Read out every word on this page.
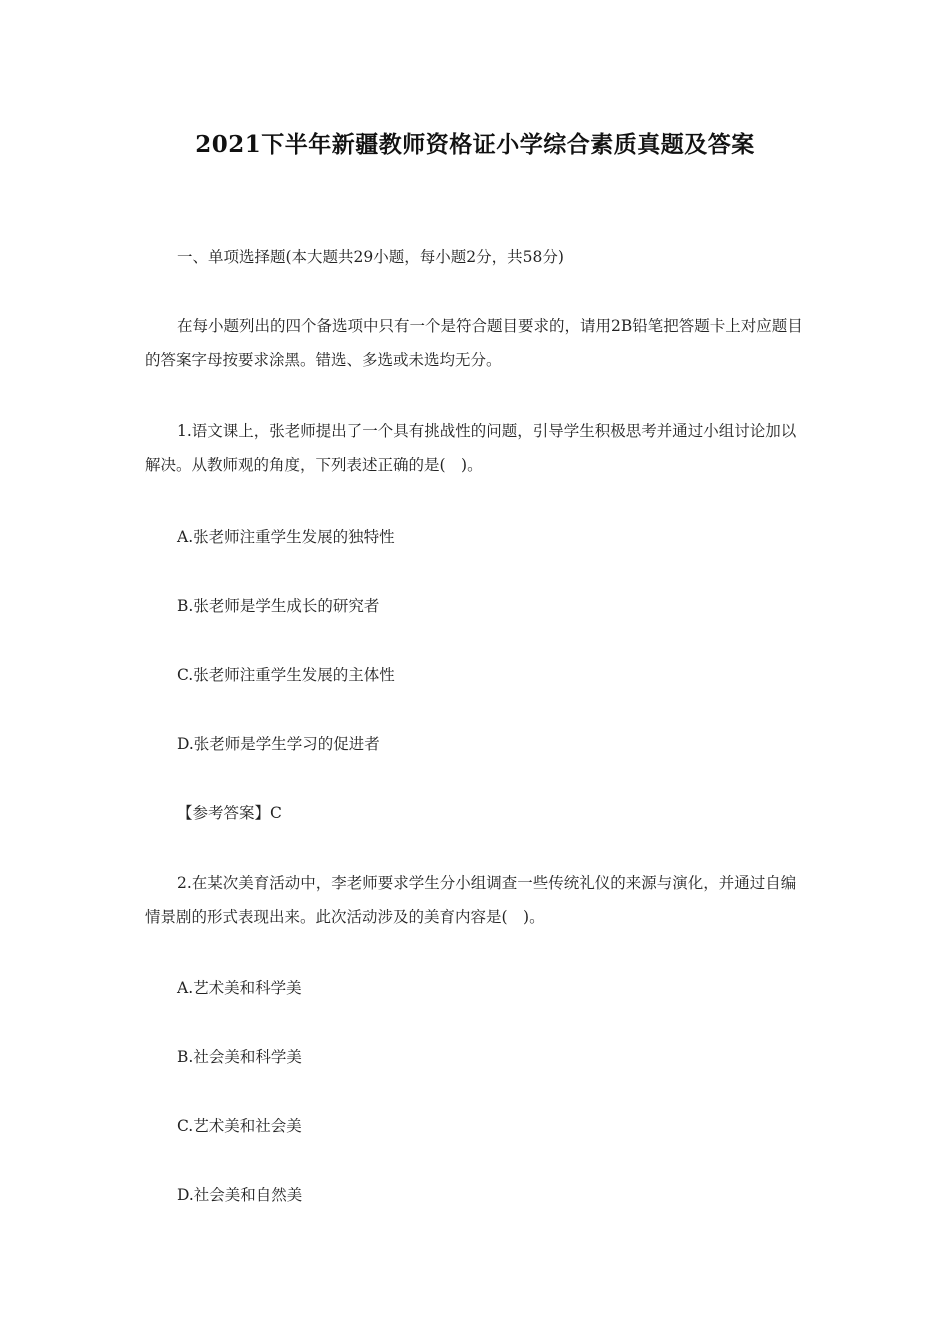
2021下半年新疆教师资格证小学综合素质真题及答案
一、单项选择题(本大题共29小题，每小题2分，共58分)
在每小题列出的四个备选项中只有一个是符合题目要求的，请用2B铅笔把答题卡上对应题目的答案字母按要求涂黑。错选、多选或未选均无分。
1.语文课上，张老师提出了一个具有挑战性的问题，引导学生积极思考并通过小组讨论加以解决。从教师观的角度，下列表述正确的是(　)。
A.张老师注重学生发展的独特性
B.张老师是学生成长的研究者
C.张老师注重学生发展的主体性
D.张老师是学生学习的促进者
【参考答案】C
2.在某次美育活动中，李老师要求学生分小组调查一些传统礼仪的来源与演化，并通过自编情景剧的形式表现出来。此次活动涉及的美育内容是(　)。
A.艺术美和科学美
B.社会美和科学美
C.艺术美和社会美
D.社会美和自然美
